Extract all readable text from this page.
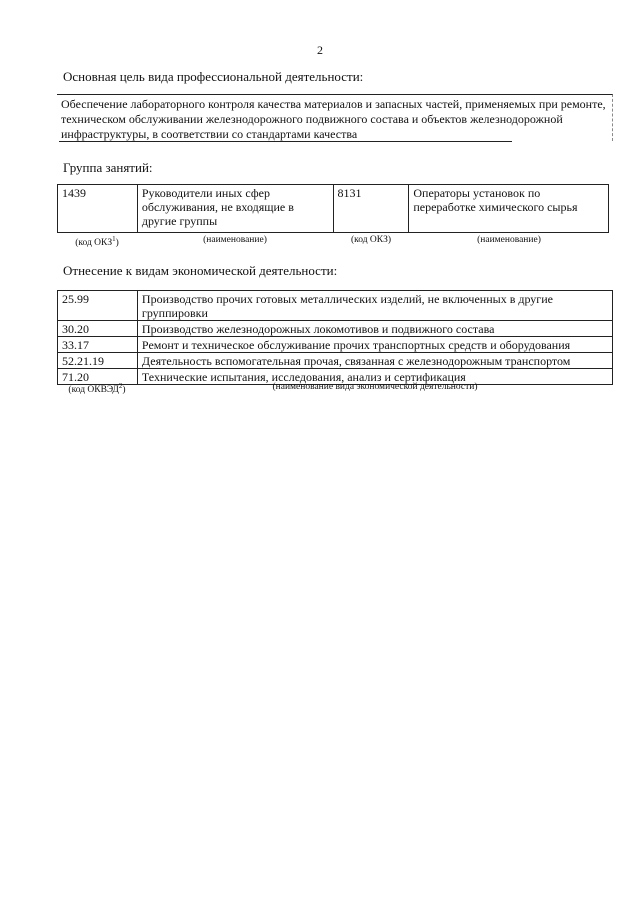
2
Основная цель вида профессиональной деятельности:
Обеспечение лабораторного контроля качества материалов и запасных частей, применяемых при ремонте, техническом обслуживании железнодорожного подвижного состава и объектов железнодорожной инфраструктуры, в соответствии со стандартами качества
Группа занятий:
1439	Руководители иных сфер обслуживания, не входящие в другие группы	8131	Операторы установок по переработке химического сырья
(код ОКЗ$^1$)	(наименование)	(код ОКЗ)	(наименование)
Отнесение к видам экономической деятельности:
25.99	Производство прочих готовых металлических изделий, не включенных в другие группировки
30.20	Производство железнодорожных локомотивов и подвижного состава
33.17	Ремонт и техническое обслуживание прочих транспортных средств и оборудования
52.21.19	Деятельность вспомогательная прочая, связанная с железнодорожным транспортом
71.20	Технические испытания, исследования, анализ и сертификация
(код ОКВЭД$^2$)	(наименование вида экономической деятельности)
